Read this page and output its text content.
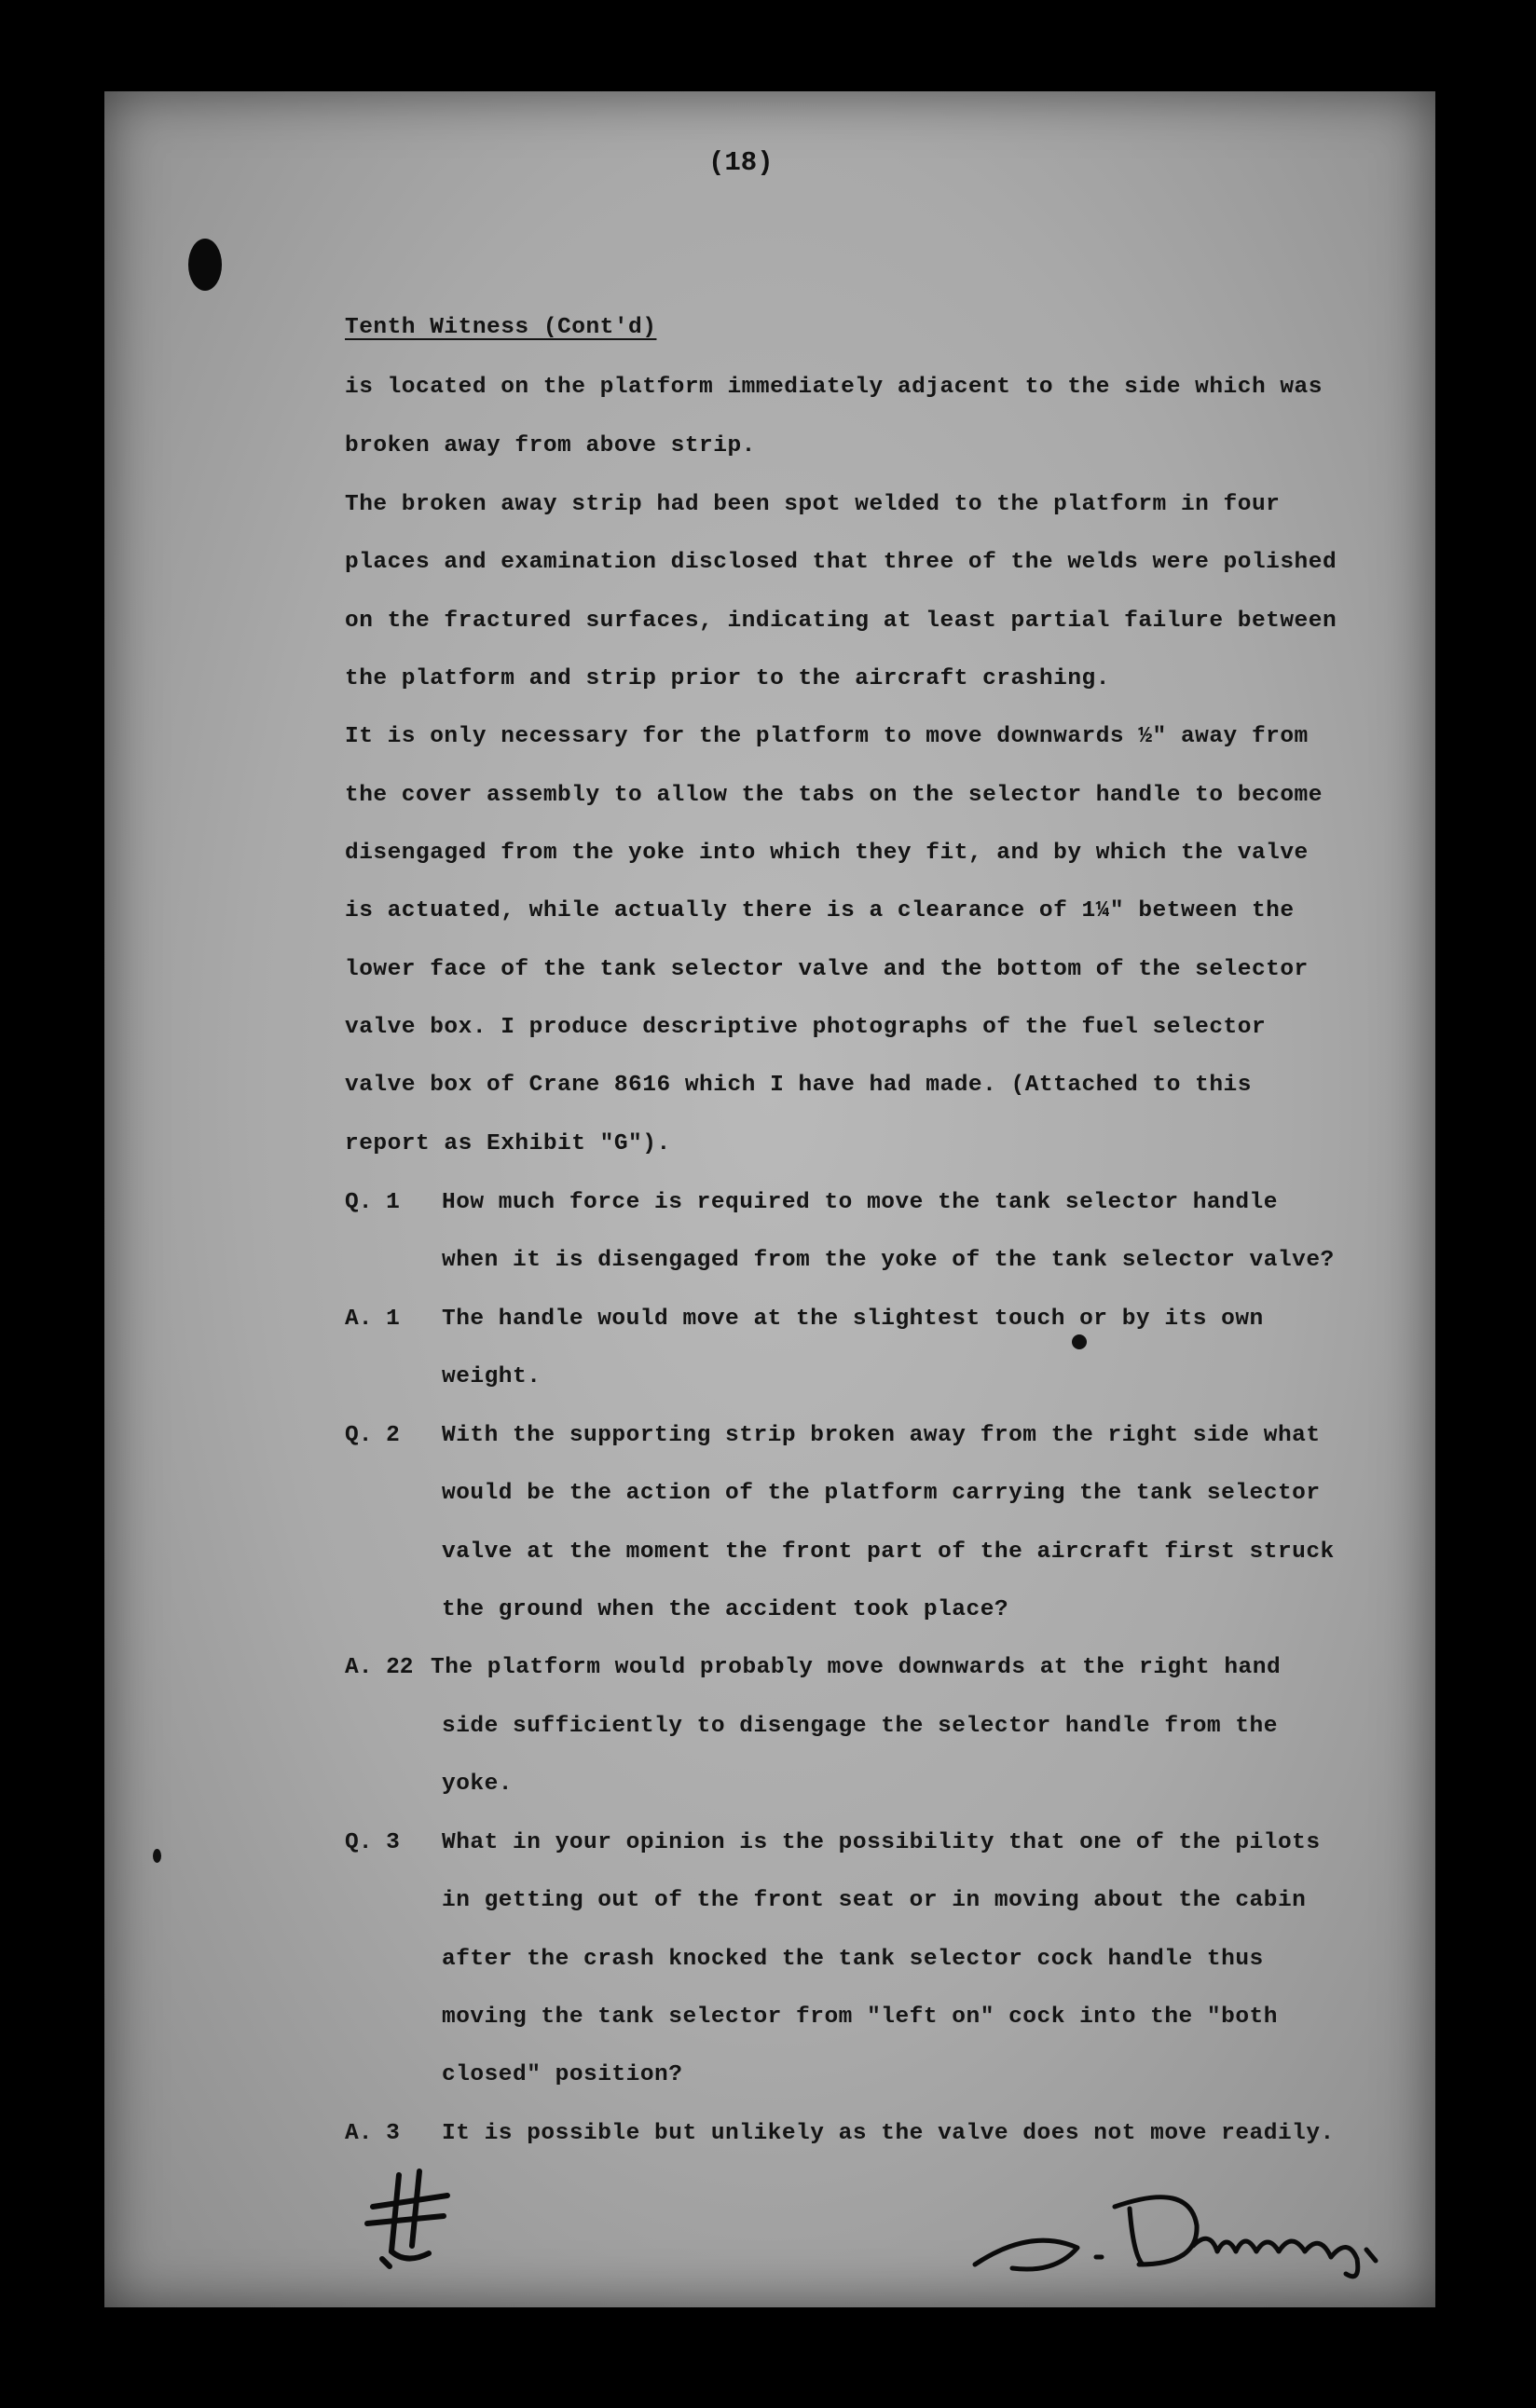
(18)
Tenth Witness (Cont'd)
is located on the platform immediately adjacent to the side which was
broken away from above strip.
The broken away strip had been spot welded to the platform in four
places and examination disclosed that three of the welds were polished
on the fractured surfaces, indicating at least partial failure between
the platform and strip prior to the aircraft crashing.
It is only necessary for the platform to move downwards ½" away from
the cover assembly to allow the tabs on the selector handle to become
disengaged from the yoke into which they fit, and by which the valve
is actuated, while actually there is a clearance of 1¼" between the
lower face of the tank selector valve and the bottom of the selector
valve box. I produce descriptive photographs of the fuel selector
valve box of Crane 8616 which I have had made. (Attached to this
report as Exhibit "G").
Q. 1 How much force is required to move the tank selector handle
when it is disengaged from the yoke of the tank selector valve?
A. 1 The handle would move at the slightest touch or by its own
weight.
Q. 2 With the supporting strip broken away from the right side what
would be the action of the platform carrying the tank selector
valve at the moment the front part of the aircraft first struck
the ground when the accident took place?
A. 22 The platform would probably move downwards at the right hand
side sufficiently to disengage the selector handle from the
yoke.
Q. 3 What in your opinion is the possibility that one of the pilots
in getting out of the front seat or in moving about the cabin
after the crash knocked the tank selector cock handle thus
moving the tank selector from "left on" cock into the "both
closed" position?
A. 3 It is possible but unlikely as the valve does not move readily.
